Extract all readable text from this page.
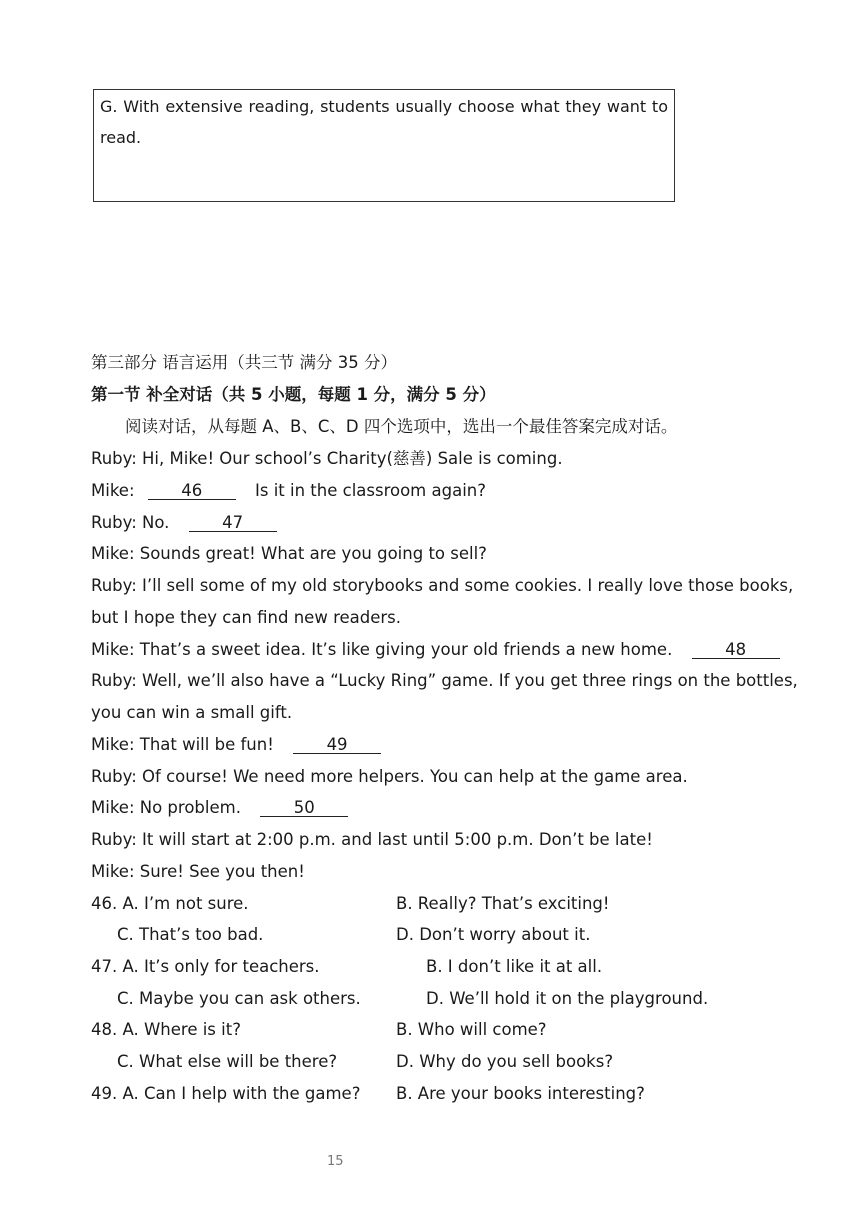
G. With extensive reading, students usually choose what they want to read.
第三部分 语言运用（共三节 满分 35 分）
第一节 补全对话（共 5 小题，每题 1 分，满分 5 分）
阅读对话，从每题 A、B、C、D 四个选项中，选出一个最佳答案完成对话。
Ruby: Hi, Mike! Our school’s Charity(慈善) Sale is coming.
Mike:	46	Is it in the classroom again?
Ruby: No.	47
Mike: Sounds great! What are you going to sell?
Ruby: I’ll sell some of my old storybooks and some cookies. I really love those books,
but I hope they can find new readers.
Mike: That’s a sweet idea. It’s like giving your old friends a new home.	48
Ruby: Well, we’ll also have a “Lucky Ring” game. If you get three rings on the bottles,
you can win a small gift.
Mike: That will be fun!	49
Ruby: Of course! We need more helpers. You can help at the game area.
Mike: No problem.	50
Ruby: It will start at 2:00 p.m. and last until 5:00 p.m. Don’t be late!
Mike: Sure! See you then!
46. A. I’m not sure.	B. Really? That’s exciting!
C. That’s too bad.	D. Don’t worry about it.
47. A. It’s only for teachers.	B. I don’t like it at all.
C. Maybe you can ask others.	D. We’ll hold it on the playground.
48. A. Where is it?	B. Who will come?
C. What else will be there?	D. Why do you sell books?
49. A. Can I help with the game? B. Are your books interesting?
15
